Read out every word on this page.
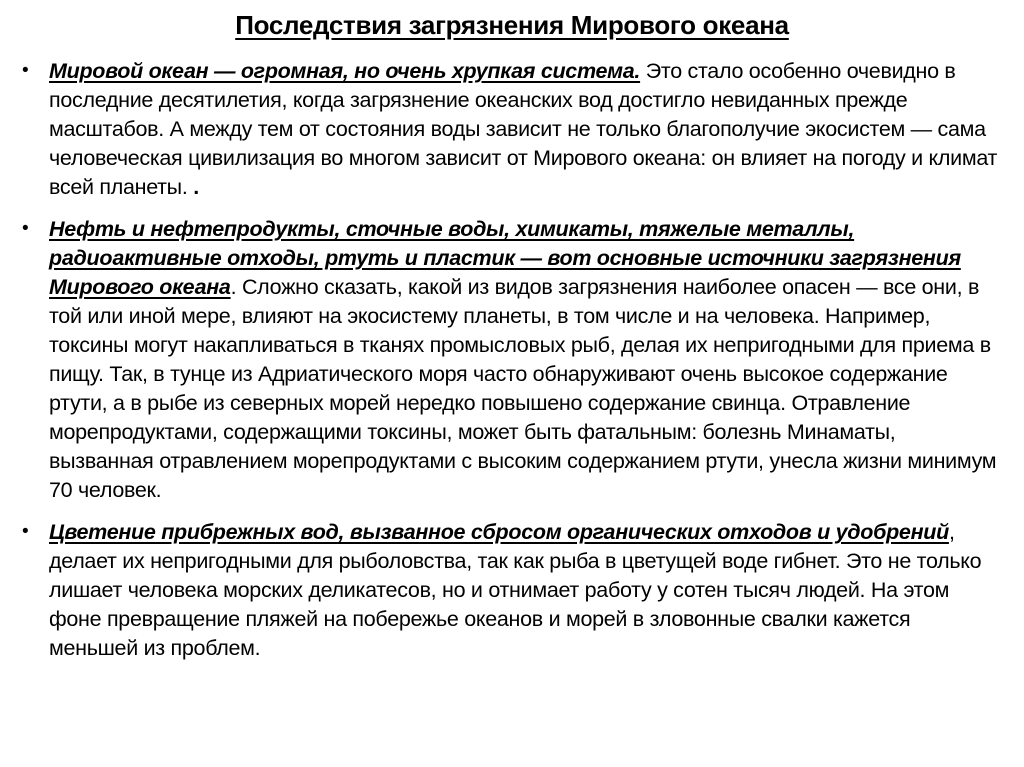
Последствия загрязнения Мирового океана
• Мировой океан — огромная, но очень хрупкая система. Это стало особенно очевидно в последние десятилетия, когда загрязнение океанских вод достигло невиданных прежде масштабов. А между тем от состояния воды зависит не только благополучие экосистем — сама человеческая цивилизация во многом зависит от Мирового океана: он влияет на погоду и климат всей планеты. .
• Нефть и нефтепродукты, сточные воды, химикаты, тяжелые металлы, радиоактивные отходы, ртуть и пластик — вот основные источники загрязнения Мирового океана. Сложно сказать, какой из видов загрязнения наиболее опасен — все они, в той или иной мере, влияют на экосистему планеты, в том числе и на человека. Например, токсины могут накапливаться в тканях промысловых рыб, делая их непригодными для приема в пищу. Так, в тунце из Адриатического моря часто обнаруживают очень высокое содержание ртути, а в рыбе из северных морей нередко повышено содержание свинца. Отравление морепродуктами, содержащими токсины, может быть фатальным: болезнь Минаматы, вызванная отравлением морепродуктами с высоким содержанием ртути, унесла жизни минимум 70 человек.
• Цветение прибрежных вод, вызванное сбросом органических отходов и удобрений, делает их непригодными для рыболовства, так как рыба в цветущей воде гибнет. Это не только лишает человека морских деликатесов, но и отнимает работу у сотен тысяч людей. На этом фоне превращение пляжей на побережье океанов и морей в зловонные свалки кажется меньшей из проблем.
